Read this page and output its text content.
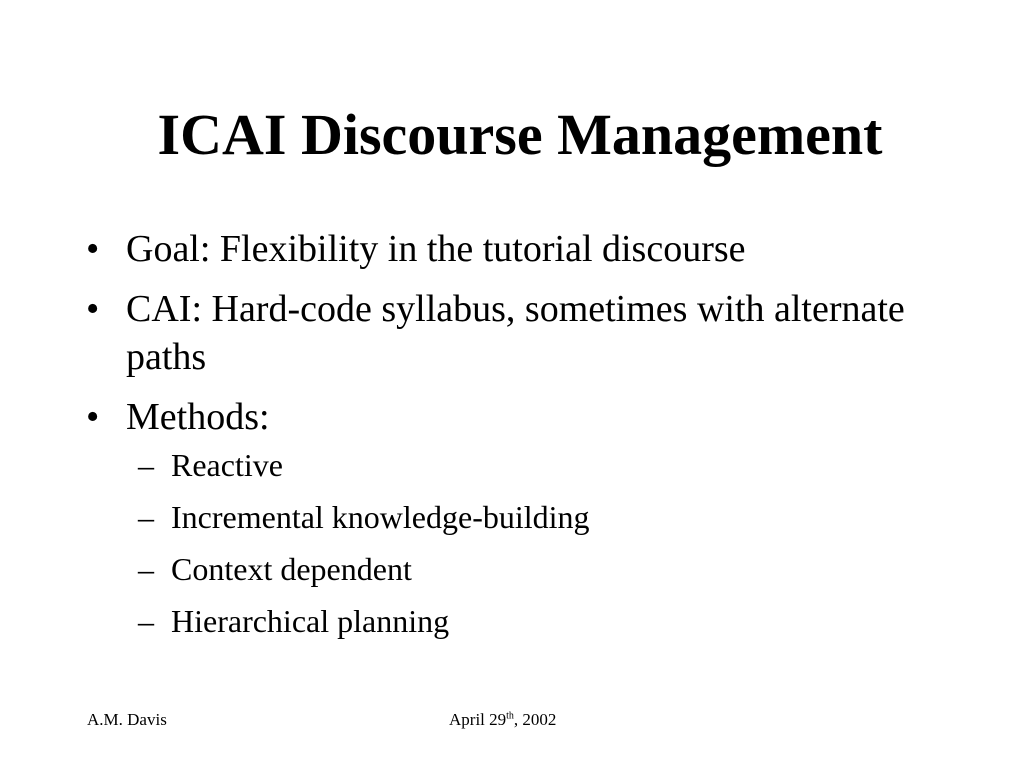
ICAI Discourse Management
• Goal: Flexibility in the tutorial discourse
• CAI: Hard-code syllabus, sometimes with alternate paths
• Methods:
– Reactive
– Incremental knowledge-building
– Context dependent
– Hierarchical planning
A.M. Davis	April 29th, 2002
